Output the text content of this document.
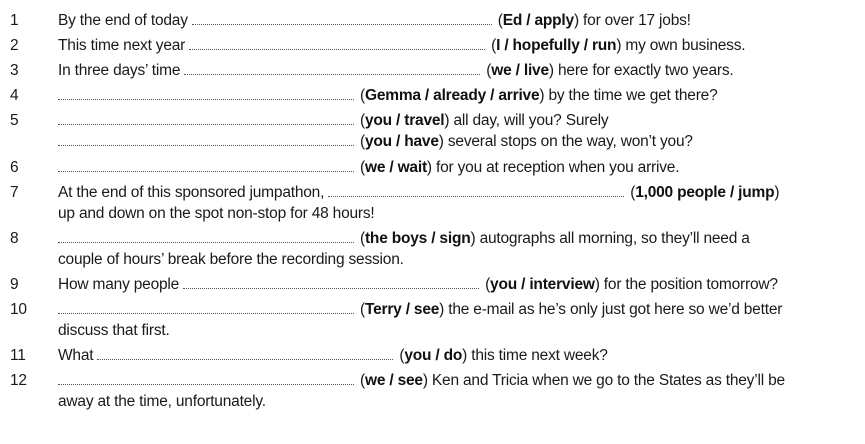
1	By the end of today	(Ed / apply) for over 17 jobs!
2	This time next year	(I / hopefully / run) my own business.
3	In three days’ time	(we / live) here for exactly two years.
4	(Gemma / already / arrive) by the time we get there?
5	(you / travel) all day, will you? Surely
(you / have) several stops on the way, won’t you?
6	(we / wait) for you at reception when you arrive.
7	At the end of this sponsored jumpathon,	(1,000 people / jump)
up and down on the spot non-stop for 48 hours!
8	(the boys / sign) autographs all morning, so they’ll need a
couple of hours’ break before the recording session.
9	How many people	(you / interview) for the position tomorrow?
10	(Terry / see) the e-mail as he’s only just got here so we’d better
discuss that first.
11	What	(you / do) this time next week?
12	(we / see) Ken and Tricia when we go to the States as they’ll be
away at the time, unfortunately.
